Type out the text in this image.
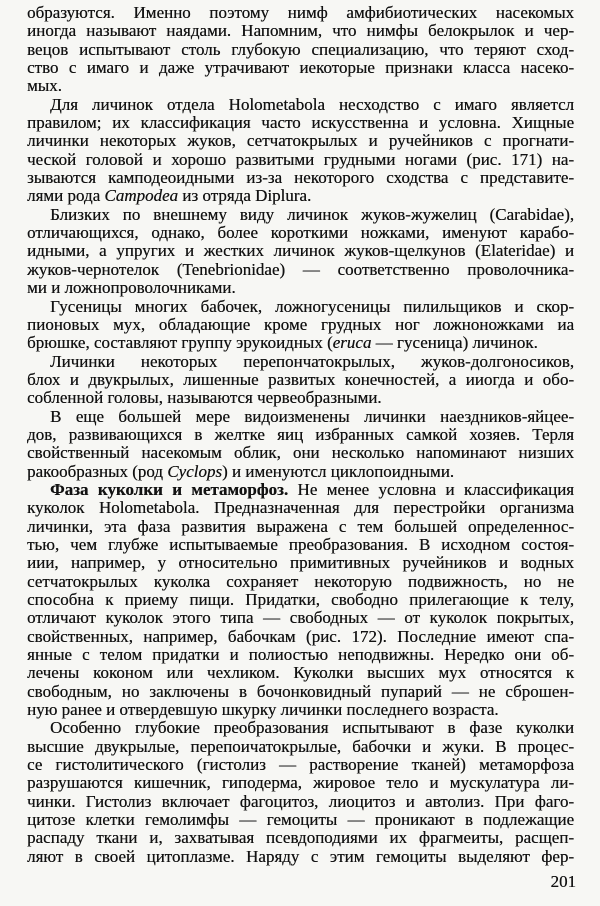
образуются. Именно поэтому нимф амфибиотических насекомых
иногда называют наядами. Напомним, что нимфы белокрылок и чер-
вецов испытывают столь глубокую специализацию, что теряют сход-
ство с имаго и даже утрачивают иекоторые признаки класса насеко-
мых.
Для личинок отдела Holometabola несходство с имаго являетсл
правилом; их классификация часто искусственна и условна. Хищные
личинки некоторых жуков, сетчатокрылых и ручейников с прогнати-
ческой головой и хорошо развитыми грудными ногами (рис. 171) на-
зываются камподеоидными из-за некоторого сходства с представите-
лями рода Campodea из отряда Diplura.
Близких по внешнему виду личинок жуков-жужелиц (Carabidae),
отличающихся, однако, более короткими ножками, именуют карабо-
идными, а упругих и жестких личинок жуков-щелкунов (Elateridae) и
жуков-чернотелок (Tenebrionidae) — соответственно проволочника-
ми и ложнопроволочниками.
Гусеницы многих бабочек, ложногусеницы пилильщиков и скор-
пионовых мух, обладающие кроме грудных ног ложноножками иа
брюшке, составляют группу эрукоидных (eruca — гусеница) личинок.
Личинки некоторых перепончатокрылых, жуков-долгоносиков,
блох и двукрылых, лишенные развитых конечностей, а ииогда и обо-
собленной головы, называются червеобразными.
В еще большей мере видоизменены личинки наездников-яйцее-
дов, развивающихся в желтке яиц избранных самкой хозяев. Терля
свойственный насекомым облик, они несколько напоминают низших
ракообразных (род Cyclops) и именуютсл циклопоидными.
Фаза куколки и метаморфоз. Не менее условна и классификация
куколок Holometabola. Предназначенная для перестройки организма
личинки, эта фаза развития выражена с тем большей определеннос-
тью, чем глубже испытываемые преобразования. В исходном состоя-
иии, например, у относительно примитивных ручейников и водных
сетчатокрылых куколка сохраняет некоторую подвижность, но не
способна к приему пищи. Придатки, свободно прилегающие к телу,
отличают куколок этого типа — свободных — от куколок покрытых,
свойственных, например, бабочкам (рис. 172). Последние имеют спа-
янные с телом придатки и полиостью неподвижны. Нередко они об-
лечены коконом или чехликом. Куколки высших мух относятся к
свободным, но заключены в бочонковидный пупарий — не сброшен-
ную ранее и отвердевшую шкурку личинки последнего возраста.
Особенно глубокие преобразования испытывают в фазе куколки
высшие двукрылые, перепоичатокрылые, бабочки и жуки. В процес-
се гистолитического (гистолиз — растворение тканей) метаморфоза
разрушаются кишечник, гиподерма, жировое тело и мускулатура ли-
чинки. Гистолиз включает фагоцитоз, лиоцитоз и автолиз. При фаго-
цитозе клетки гемолимфы — гемоциты — проникают в подлежащие
распаду ткани и, захватывая псевдоподиями их фрагмеиты, расщеп-
ляют в своей цитоплазме. Наряду с этим гемоциты выделяют фер-
201
